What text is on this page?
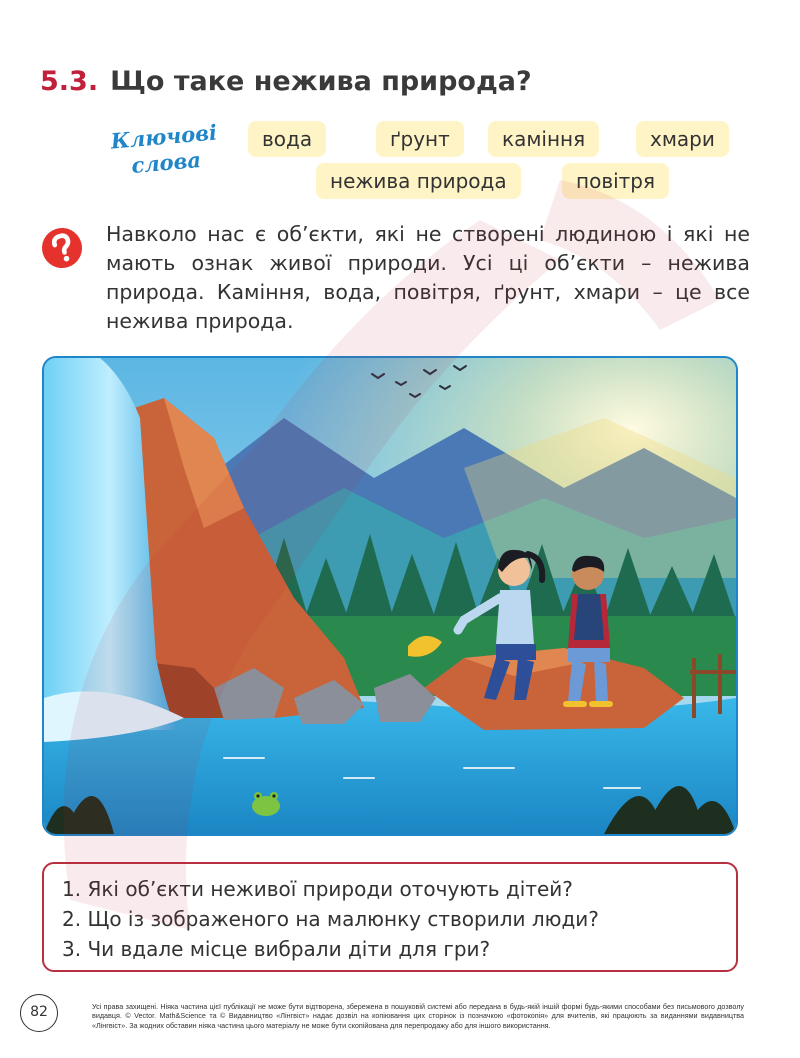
5.3. Що таке нежива природа?
Ключові
слова
вода	ґрунт	каміння	хмари
нежива природа	повітря
Навколо нас є об’єкти, які не створені людиною і які не мають ознак живої природи. Усі ці об’єкти – нежива природа. Каміння, вода, повітря, ґрунт, хмари – це все нежива природа.
1. Які об’єкти неживої природи оточують дітей?
2. Що із зображеного на малюнку створили люди?
3. Чи вдале місце вибрали діти для гри?
82	Усі права захищені. Ніяка частина цієї публікації не може бути відтворена, збережена в пошуковій системі або передана в будь-якій іншій формі будь-якими способами без письмового дозволу видавця. © Vector. Math&Science та © Видавництво «Лінгвіст» надає дозвіл на копіювання цих сторінок із позначкою «фотокопія» для вчителів, які працюють за виданнями видавництва «Лінгвіст». За жодних обставин ніяка частина цього матеріалу не може бути скопійована для перепродажу або для іншого використання.
